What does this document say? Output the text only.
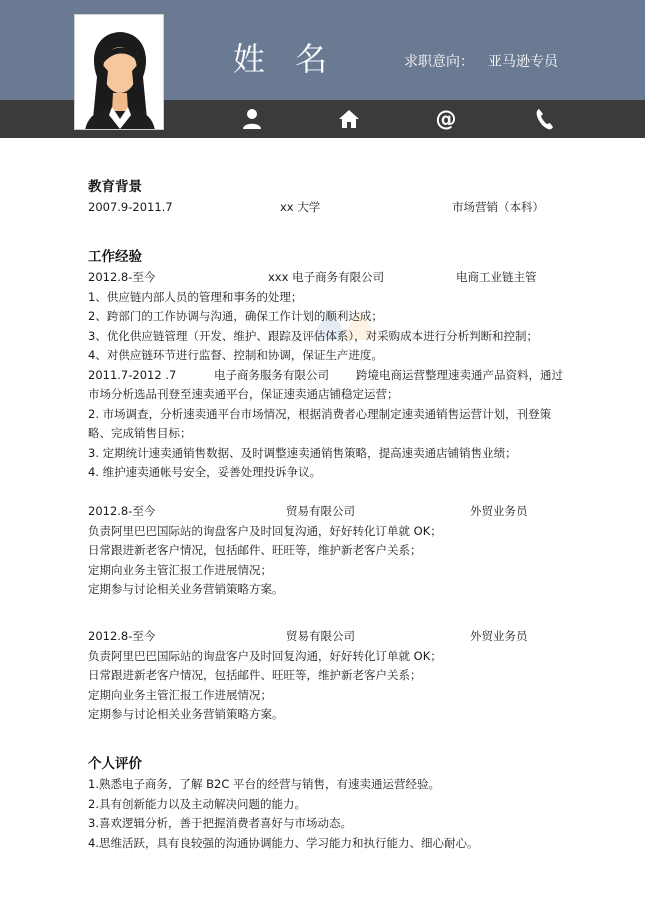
姓 名	求职意向： 亚马逊专员
@
教育背景
2007.9-2011.7	xx 大学	市场营销（本科）
工作经验
2012.8-至今	xxx 电子商务有限公司	电商工业链主管
1、供应链内部人员的管理和事务的处理；
2、跨部门的工作协调与沟通，确保工作计划的顺利达成；
3、优化供应链管理（开发、维护、跟踪及评估体系），对采购成本进行分析判断和控制；
4、对供应链环节进行监督、控制和协调，保证生产进度。
2011.7-2012 .7	电子商务服务有限公司 跨境电商运营整理速卖通产品资料，通过
市场分析选品刊登至速卖通平台，保证速卖通店铺稳定运营；
2. 市场调查，分析速卖通平台市场情况，根据消费者心理制定速卖通销售运营计划，刊登策
略、完成销售目标；
3. 定期统计速卖通销售数据、及时调整速卖通销售策略，提高速卖通店铺销售业绩；
4. 维护速卖通帐号安全，妥善处理投诉争议。
2012.8-至今	贸易有限公司	外贸业务员
负责阿里巴巴国际站的询盘客户及时回复沟通，好好转化订单就 OK；
日常跟进新老客户情况，包括邮件、旺旺等，维护新老客户关系；
定期向业务主管汇报工作进展情况；
定期参与讨论相关业务营销策略方案。
2012.8-至今	贸易有限公司	外贸业务员
负责阿里巴巴国际站的询盘客户及时回复沟通，好好转化订单就 OK；
日常跟进新老客户情况，包括邮件、旺旺等，维护新老客户关系；
定期向业务主管汇报工作进展情况；
定期参与讨论相关业务营销策略方案。
个人评价
1.熟悉电子商务，了解 B2C 平台的经营与销售，有速卖通运营经验。
2.具有创新能力以及主动解决问题的能力。
3.喜欢逻辑分析，善于把握消费者喜好与市场动态。
4.思维活跃，具有良较强的沟通协调能力、学习能力和执行能力、细心耐心。
